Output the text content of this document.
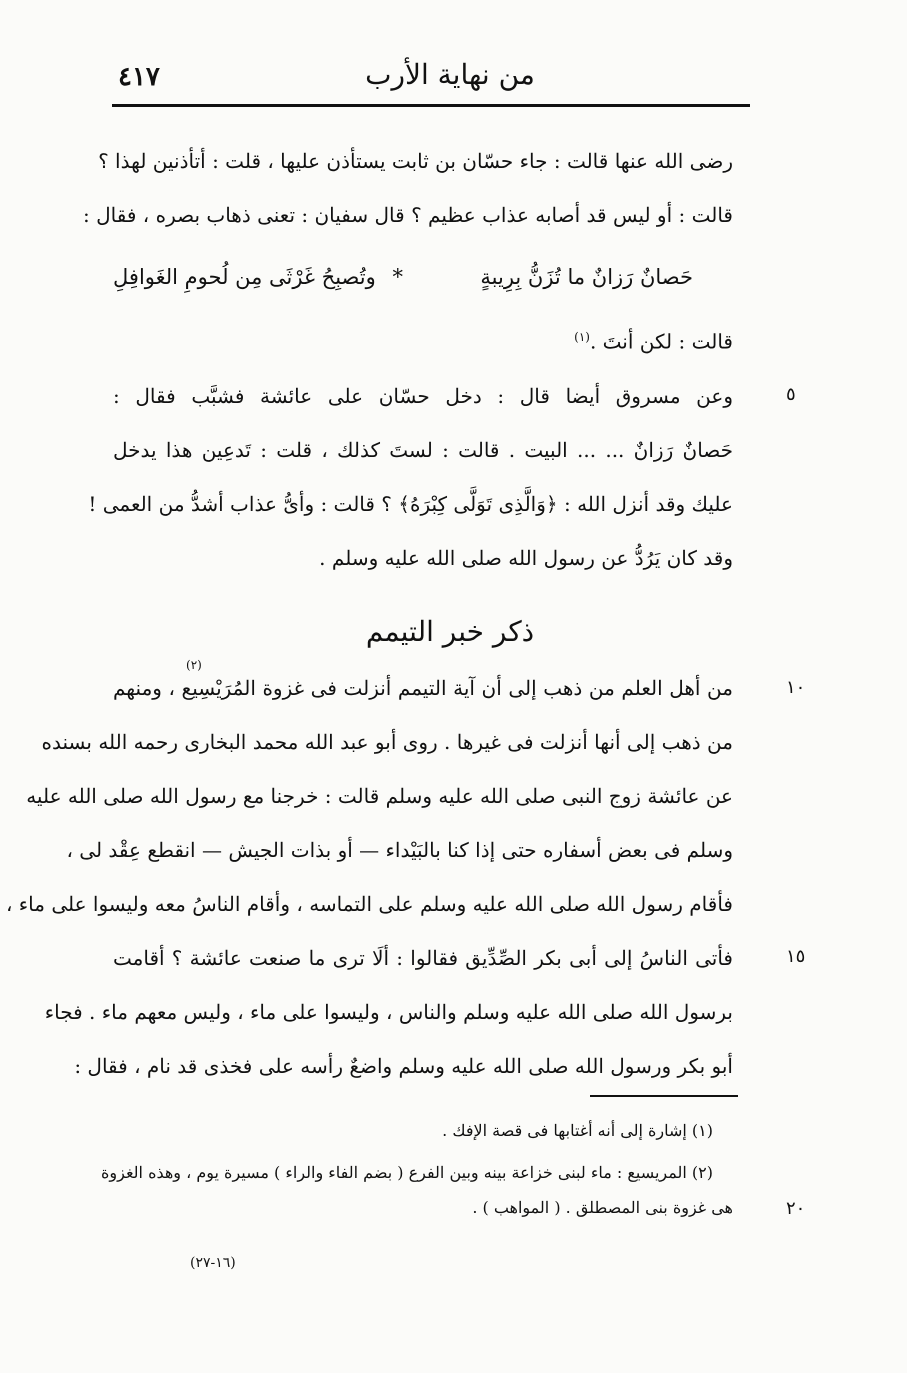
٤١٧	من نهاية الأرب
رضى الله عنها قالت : جاء حسّان بن ثابت يستأذن عليها ، قلت : أتأذنين لهذا ؟
قالت : أو ليس قد أصابه عذاب عظيم ؟ قال سفيان : تعنى ذهاب بصره ، فقال :
حَصانٌ رَزانٌ ما تُزَنُّ بِرِيبةٍ
*
وتُصبِحُ غَرْثَى مِن لُحومِ الغَوافِلِ
قالت : لكن أنتَ .$^{(١)}$
٥
وعن مسروق أيضا قال : دخل حسّان على عائشة فشبَّب فقال :
حَصانٌ رَزانٌ ... ... البيت . قالت : لستَ كذلك ، قلت : تَدعِين هذا يدخل
عليك وقد أنزل الله : ﴿وَالَّذِى تَوَلَّى كِبْرَهُ﴾ ؟ قالت : وأىُّ عذاب أشدُّ من العمى !
وقد كان يَرُدُّ عن رسول الله صلى الله عليه وسلم .
ذكر خبر التيمم
١٠
(٢)
من أهل العلم من ذهب إلى أن آية التيمم أنزلت فى غزوة المُرَيْسِيع ، ومنهم
من ذهب إلى أنها أنزلت فى غيرها . روى أبو عبد الله محمد البخارى رحمه الله بسنده
عن عائشة زوج النبى صلى الله عليه وسلم قالت : خرجنا مع رسول الله صلى الله عليه
وسلم فى بعض أسفاره حتى إذا كنا بالبَيْداء — أو بذات الجيش — انقطع عِقْد لى ،
فأقام رسول الله صلى الله عليه وسلم على التماسه ، وأقام الناسُ معه وليسوا على ماء ،
١٥
فأتى الناسُ إلى أبى بكر الصِّدِّيق فقالوا : ألَا ترى ما صنعت عائشة ؟ أقامت
برسول الله صلى الله عليه وسلم والناس ، وليسوا على ماء ، وليس معهم ماء . فجاء
أبو بكر ورسول الله صلى الله عليه وسلم واضعٌ رأسه على فخذى قد نام ، فقال :
(١) إشارة إلى أنه أغتابها فى قصة الإفك .
(٢) المريسيع : ماء لبنى خزاعة بينه وبين الفرع ( بضم الفاء والراء ) مسيرة يوم ، وهذه الغزوة
٢٠
هى غزوة بنى المصطلق . ( المواهب ) .
(١٦-٢٧)
